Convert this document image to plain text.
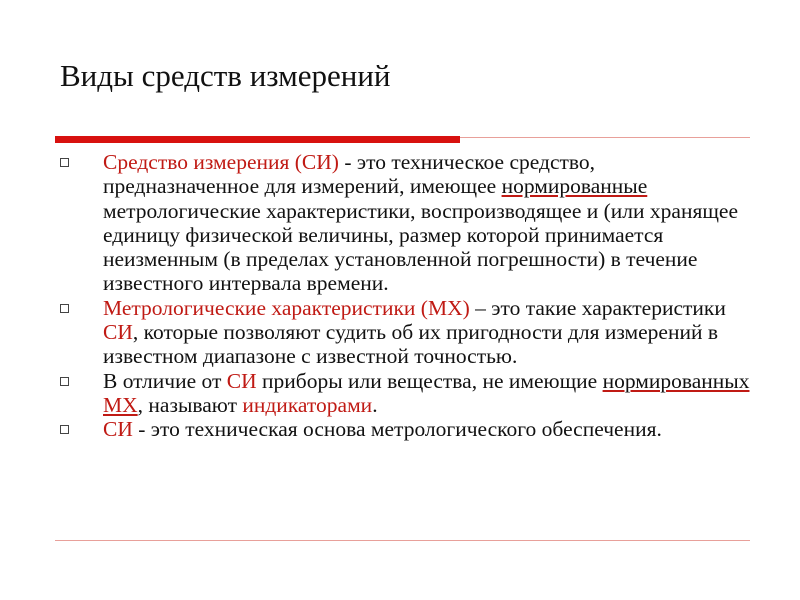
Виды средств измерений
Средство измерения (СИ) - это техническое средство, предназначенное для измерений, имеющее нормированные метрологические характеристики, воспроизводящее и (или хранящее единицу физической величины, размер которой принимается неизменным (в пределах установленной погрешности) в течение известного интервала времени.
Метрологические характеристики (МХ) – это такие характеристики СИ, которые позволяют судить об их пригодности для измерений в известном диапазоне с известной точностью.
В отличие от СИ приборы или вещества, не имеющие нормированных МХ, называют индикаторами.
СИ - это техническая основа метрологического обеспечения.
